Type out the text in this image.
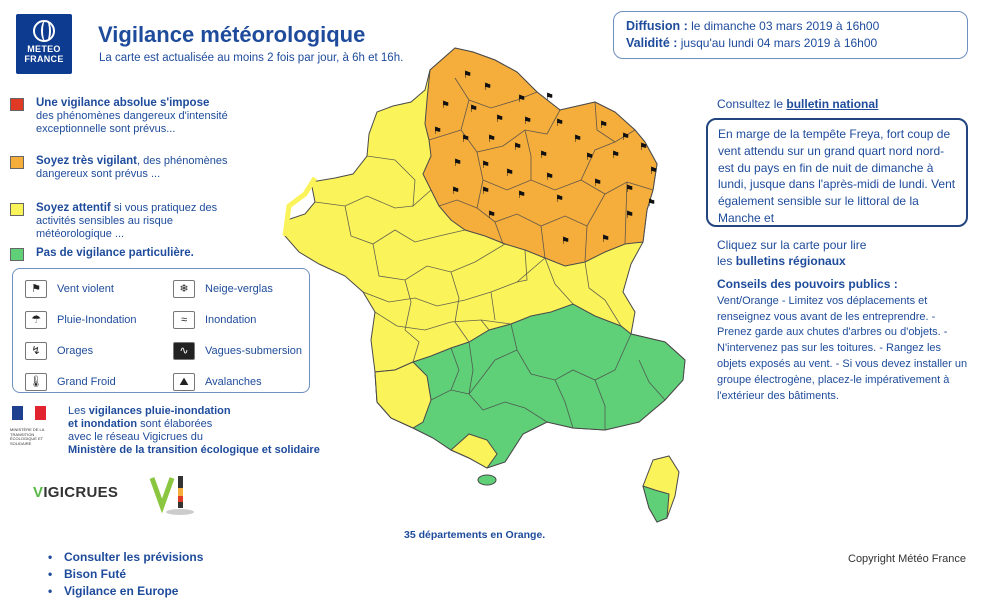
METEO
FRANCE
Vigilance météorologique
La carte est actualisée au moins 2 fois par jour, à 6h et 16h.
Diffusion : le dimanche 03 mars 2019 à 16h00
Validité : jusqu'au lundi 04 mars 2019 à 16h00
Une vigilance absolue s'impose
des phénomènes dangereux d'intensité exceptionnelle sont prévus...
Soyez très vigilant, des phénomènes dangereux sont prévus ...
Soyez attentif si vous pratiquez des activités sensibles au risque météorologique ...
Pas de vigilance particulière.
⚑	Vent violent	❄	Neige-verglas
☂	Pluie-Inondation	≈	Inondation
↯	Orages	∿	Vagues-submersion
🌡	Grand Froid	⛰	Avalanches
MINISTÈRE DE LA TRANSITION ÉCOLOGIQUE ET SOLIDAIRE
Les vigilances pluie-inondation
et inondation sont élaborées
avec le réseau Vigicrues du
Ministère de la transition écologique et solidaire
VIGICRUES
Vi
⚑
⚑
⚑ ⚑
⚑ ⚑
⚑ ⚑ ⚑
⚑
⚑ ⚑
⚑
⚑
⚑
⚑
⚑
⚑ ⚑
⚑	⚑
⚑ ⚑
⚑
⚑ ⚑	⚑	⚑
⚑
⚑
⚑
⚑
⚑	⚑
⚑
⚑
35 départements en Orange.
Consultez le bulletin national
En marge de la tempête Freya, fort coup de vent attendu sur un grand quart nord nord-est du pays en fin de nuit de dimanche à lundi, jusque dans l'après-midi de lundi. Vent également sensible sur le littoral de la Manche et
Cliquez sur la carte pour lire
les bulletins régionaux
Conseils des pouvoirs publics :
Vent/Orange - Limitez vos déplacements et renseignez vous avant de les entreprendre. - Prenez garde aux chutes d'arbres ou d'objets. - N'intervenez pas sur les toitures. - Rangez les objets exposés au vent. - Si vous devez installer un groupe électrogène, placez-le impérativement à l'extérieur des bâtiments.
• Consulter les prévisions
• Bison Futé
• Vigilance en Europe
Copyright Météo France
